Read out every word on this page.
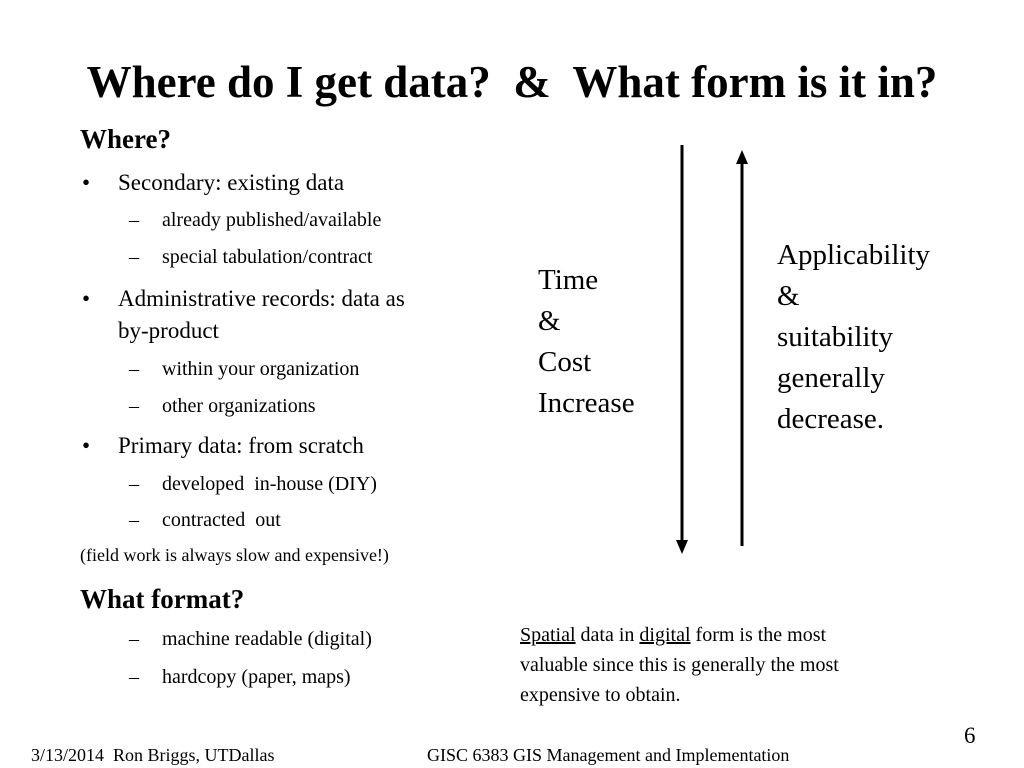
Where do I get data?  &  What form is it in?
Where?
• Secondary: existing data
– already published/available
– special tabulation/contract
• Administrative records: data as
by-product
– within your organization
– other organizations
• Primary data: from scratch
– developed  in-house (DIY)
– contracted  out
(field work is always slow and expensive!)
What format?
– machine readable (digital)
– hardcopy (paper, maps)
Time
&
Cost
Increase
Applicability
&
suitability
generally
decrease.
Spatial data in digital form is the most
valuable since this is generally the most
expensive to obtain.
6
3/13/2014  Ron Briggs, UTDallas	GISC 6383 GIS Management and Implementation
